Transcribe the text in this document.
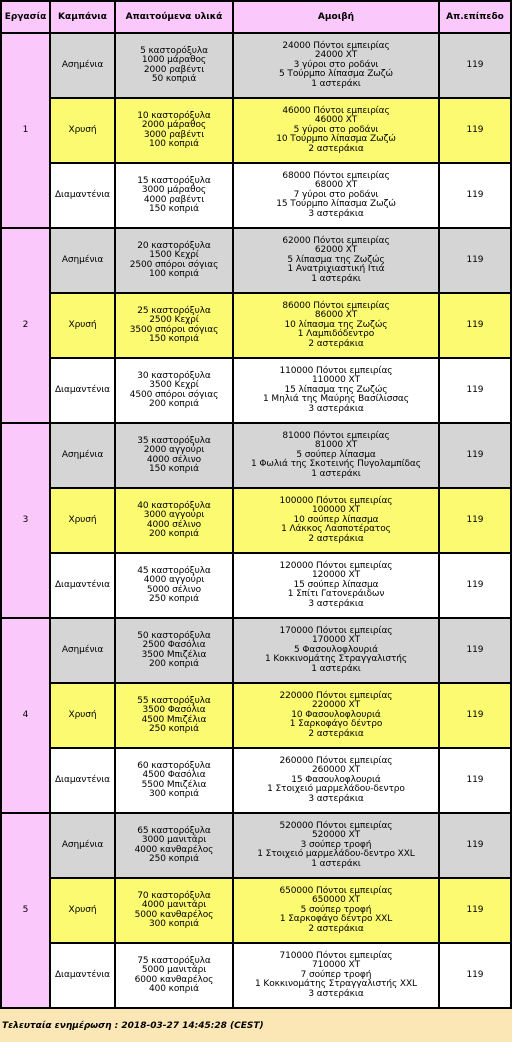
Εργασία	Καμπάνια	Απαιτούμενα υλικά	Αμοιβή	Απ.επίπεδο
1	Ασημένια	5 καστορόξυλα
1000 μάραθος
2000 ραβέντι
50 κοπριά	24000 Πόντοι εμπειρίας
24000 ΧΤ
3 γύροι στο ροδάνι
5 Τούρμπο λίπασμα Ζωζώ
1 αστεράκι	119
	Χρυσή	10 καστορόξυλα
2000 μάραθος
3000 ραβέντι
100 κοπριά	46000 Πόντοι εμπειρίας
46000 ΧΤ
5 γύροι στο ροδάνι
10 Τούρμπο λίπασμα Ζωζώ
2 αστεράκια	119
	Διαμαντένια	15 καστορόξυλα
3000 μάραθος
4000 ραβέντι
150 κοπριά	68000 Πόντοι εμπειρίας
68000 ΧΤ
7 γύροι στο ροδάνι
15 Τούρμπο λίπασμα Ζωζώ
3 αστεράκια	119
2	Ασημένια	20 καστορόξυλα
1500 Κεχρί
2500 σπόροι σόγιας
100 κοπριά	62000 Πόντοι εμπειρίας
62000 ΧΤ
5 λίπασμα της Ζωζώς
1 Ανατριχιαστική Ιτιά
1 αστεράκι	119
	Χρυσή	25 καστορόξυλα
2500 Κεχρί
3500 σπόροι σόγιας
150 κοπριά	86000 Πόντοι εμπειρίας
86000 ΧΤ
10 λίπασμα της Ζωζώς
1 Λαμπιδόδεντρο
2 αστεράκια	119
	Διαμαντένια	30 καστορόξυλα
3500 Κεχρί
4500 σπόροι σόγιας
200 κοπριά	110000 Πόντοι εμπειρίας
110000 ΧΤ
15 λίπασμα της Ζωζώς
1 Μηλιά της Μαύρης Βασίλισσας
3 αστεράκια	119
3	Ασημένια	35 καστορόξυλα
2000 αγγούρι
4000 σέλινο
150 κοπριά	81000 Πόντοι εμπειρίας
81000 ΧΤ
5 σούπερ λίπασμα
1 Φωλιά της Σκοτεινής Πυγολαμπίδας
1 αστεράκι	119
	Χρυσή	40 καστορόξυλα
3000 αγγούρι
4000 σέλινο
200 κοπριά	100000 Πόντοι εμπειρίας
100000 ΧΤ
10 σούπερ λίπασμα
1 Λάκκος Λασποτέρατος
2 αστεράκια	119
	Διαμαντένια	45 καστορόξυλα
4000 αγγούρι
5000 σέλινο
250 κοπριά	120000 Πόντοι εμπειρίας
120000 ΧΤ
15 σούπερ λίπασμα
1 Σπίτι Γατονεράιδων
3 αστεράκια	119
4	Ασημένια	50 καστορόξυλα
2500 Φασόλια
3500 Μπιζέλια
200 κοπριά	170000 Πόντοι εμπειρίας
170000 ΧΤ
5 Φασουλοφλουριά
1 Κοκκινομάτης Στραγγαλιστής
1 αστεράκι	119
	Χρυσή	55 καστορόξυλα
3500 Φασόλια
4500 Μπιζέλια
250 κοπριά	220000 Πόντοι εμπειρίας
220000 ΧΤ
10 Φασουλοφλουριά
1 Σαρκοφάγο δέντρο
2 αστεράκια	119
	Διαμαντένια	60 καστορόξυλα
4500 Φασόλια
5500 Μπιζέλια
300 κοπριά	260000 Πόντοι εμπειρίας
260000 ΧΤ
15 Φασουλοφλουριά
1 Στοιχειό μαρμελάδου-δεντρο
3 αστεράκια	119
5	Ασημένια	65 καστορόξυλα
3000 μανιτάρι
4000 κανθαρέλος
250 κοπριά	520000 Πόντοι εμπειρίας
520000 ΧΤ
3 σούπερ τροφή
1 Στοιχειό μαρμελάδου-δεντρο XXL
1 αστεράκι	119
	Χρυσή	70 καστορόξυλα
4000 μανιτάρι
5000 κανθαρέλος
300 κοπριά	650000 Πόντοι εμπειρίας
650000 ΧΤ
5 σούπερ τροφή
1 Σαρκοφάγο δέντρο XXL
2 αστεράκια	119
	Διαμαντένια	75 καστορόξυλα
5000 μανιτάρι
6000 κανθαρέλος
400 κοπριά	710000 Πόντοι εμπειρίας
710000 ΧΤ
7 σούπερ τροφή
1 Κοκκινομάτης Στραγγαλιστής XXL
3 αστεράκια	119
Τελευταία ενημέρωση : 2018-03-27 14:45:28 (CEST)
